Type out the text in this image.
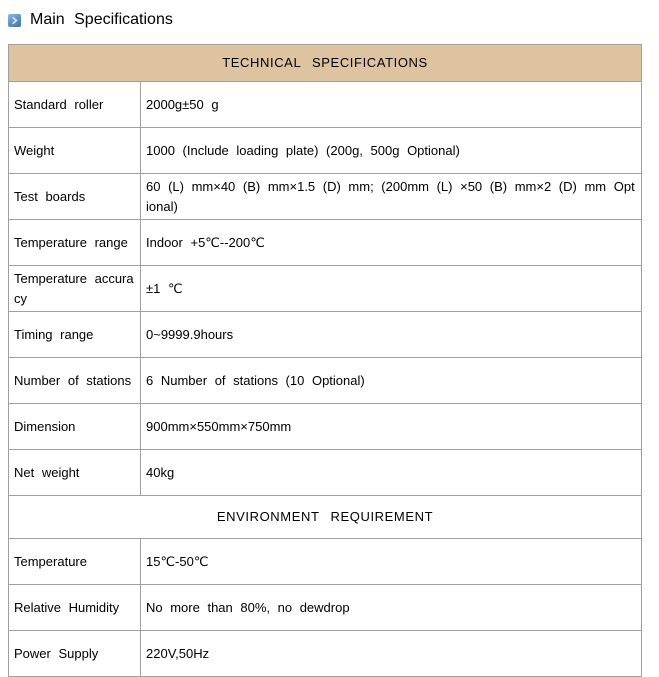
Main Specifications
TECHNICAL SPECIFICATIONS	
Standard roller	2000g±50 g
Weight	1000 (Include loading plate) (200g, 500g Optional)
Test boards	60 (L) mm×40 (B) mm×1.5 (D) mm; (200mm (L) ×50 (B) mm×2 (D) mm Optional)
Temperature range	Indoor +5℃--200℃
Temperature accuracy	±1 ℃
Timing range	0~9999.9hours
Number of stations	6 Number of stations (10 Optional)
Dimension	900mm×550mm×750mm
Net weight	40kg
ENVIRONMENT REQUIREMENT	
Temperature	15℃-50℃
Relative Humidity	No more than 80%, no dewdrop
Power Supply	220V,50Hz
